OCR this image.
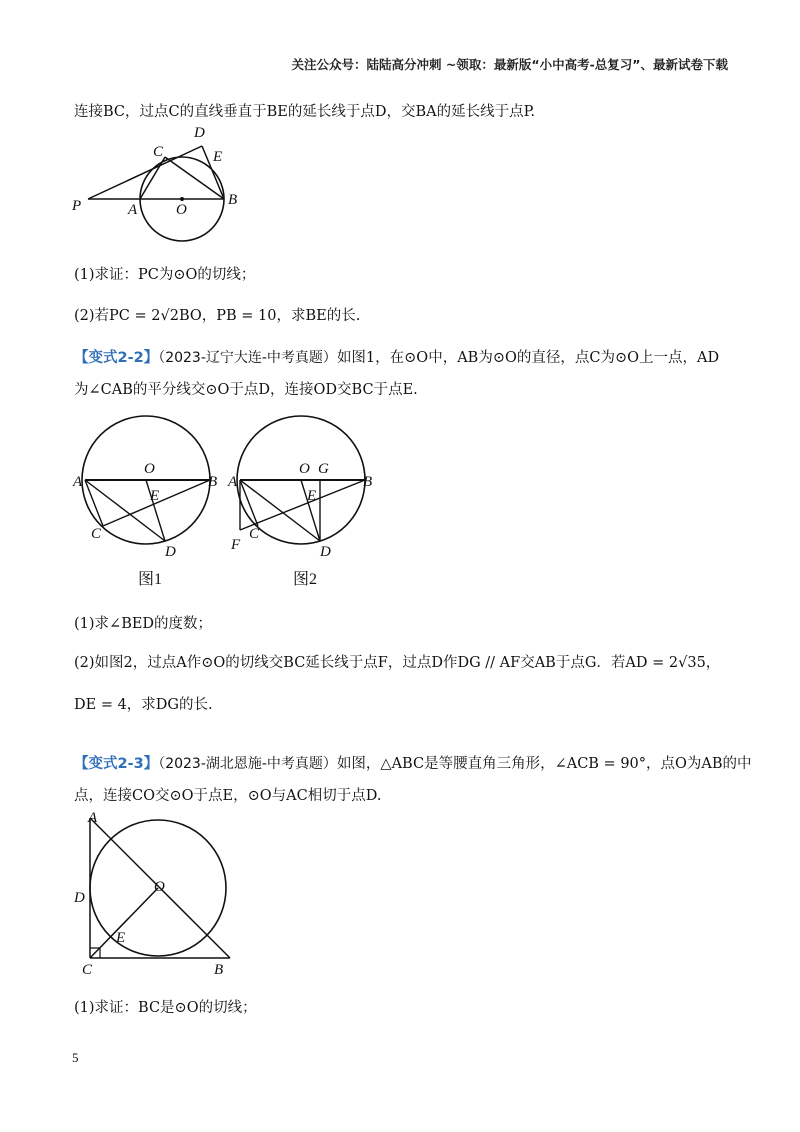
关注公众号：陆陆高分冲刺 ~领取：最新版“小中高考-总复习”、最新试卷下载
连接BC，过点C的直线垂直于BE的延长线于点D，交BA的延长线于点P.
P	A	O
B
C
D
E
(1)求证：PC为⊙O的切线；
(2)若PC = 2√2BO，PB = 10，求BE的长.
【变式2-2】（2023-辽宁大连-中考真题）如图1，在⊙O中，AB为⊙O的直径，点C为⊙O上一点，AD
为∠CAB的平分线交⊙O于点D，连接OD交BC于点E.
A
O
B
E
C
D
图1
A
O G
B
E
C
F	D
图2
(1)求∠BED的度数；
(2)如图2，过点A作⊙O的切线交BC延长线于点F，过点D作DG // AF交AB于点G．若AD = 2√35，
DE = 4，求DG的长.
【变式2-3】（2023-湖北恩施-中考真题）如图，△ABC是等腰直角三角形，∠ACB = 90°，点O为AB的中
点，连接CO交⊙O于点E，⊙O与AC相切于点D.
A
D
O
E
C	B
(1)求证：BC是⊙O的切线；
5
